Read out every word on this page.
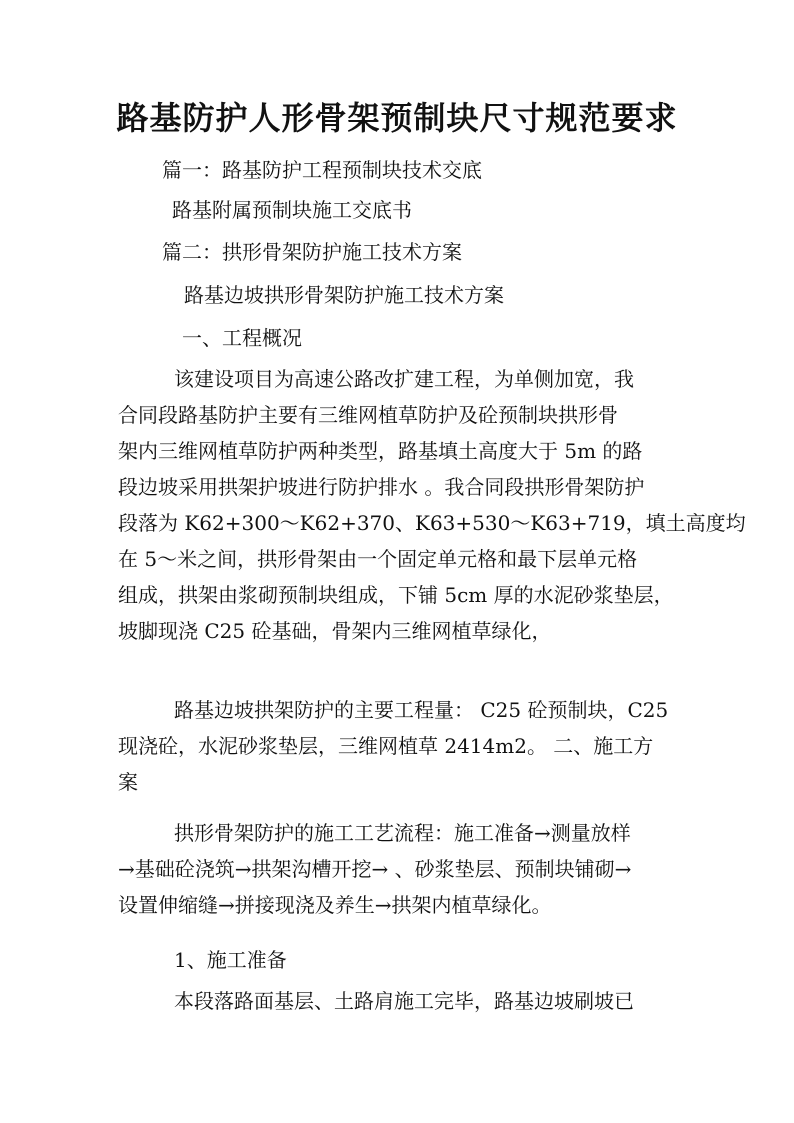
路基防护人形骨架预制块尺寸规范要求
篇一：路基防护工程预制块技术交底
路基附属预制块施工交底书
篇二：拱形骨架防护施工技术方案
路基边坡拱形骨架防护施工技术方案
一、工程概况
该建设项目为高速公路改扩建工程，为单侧加宽，我
合同段路基防护主要有三维网植草防护及砼预制块拱形骨
架内三维网植草防护两种类型，路基填土高度大于 5m 的路
段边坡采用拱架护坡进行防护排水 。我合同段拱形骨架防护
段落为 K62+300～K62+370、K63+530～K63+719，填土高度均
在 5～米之间，拱形骨架由一个固定单元格和最下层单元格
组成，拱架由浆砌预制块组成，下铺 5cm 厚的水泥砂浆垫层，
坡脚现浇 C25 砼基础，骨架内三维网植草绿化，
路基边坡拱架防护的主要工程量： C25 砼预制块，C25
现浇砼，水泥砂浆垫层，三维网植草 2414m2。 二、施工方
案
拱形骨架防护的施工工艺流程：施工准备→测量放样
→基础砼浇筑→拱架沟槽开挖→ 、砂浆垫层、预制块铺砌→
设置伸缩缝→拼接现浇及养生→拱架内植草绿化。
1、施工准备
本段落路面基层、土路肩施工完毕，路基边坡刷坡已
